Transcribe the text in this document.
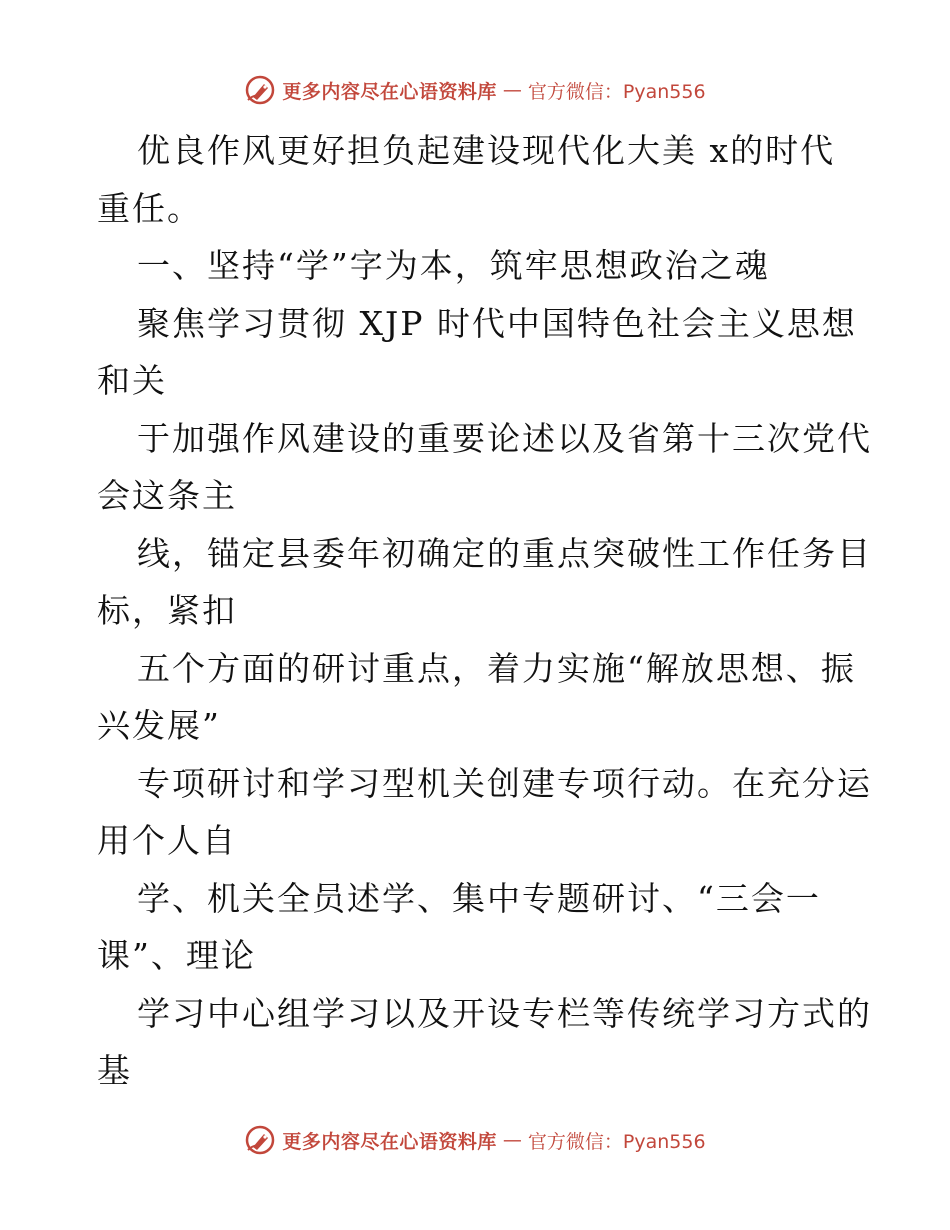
更多内容尽在心语资料库 — 官方微信：Pyan556
优良作风更好担负起建设现代化大美 x的时代
重任。
一、坚持“学”字为本，筑牢思想政治之魂
聚焦学习贯彻 XJP 时代中国特色社会主义思想
和关
于加强作风建设的重要论述以及省第十三次党代
会这条主
线，锚定县委年初确定的重点突破性工作任务目
标，紧扣
五个方面的研讨重点，着力实施“解放思想、振
兴发展”
专项研讨和学习型机关创建专项行动。在充分运
用个人自
学、机关全员述学、集中专题研讨、“三会一
课”、理论
学习中心组学习以及开设专栏等传统学习方式的
基
更多内容尽在心语资料库 — 官方微信：Pyan556
